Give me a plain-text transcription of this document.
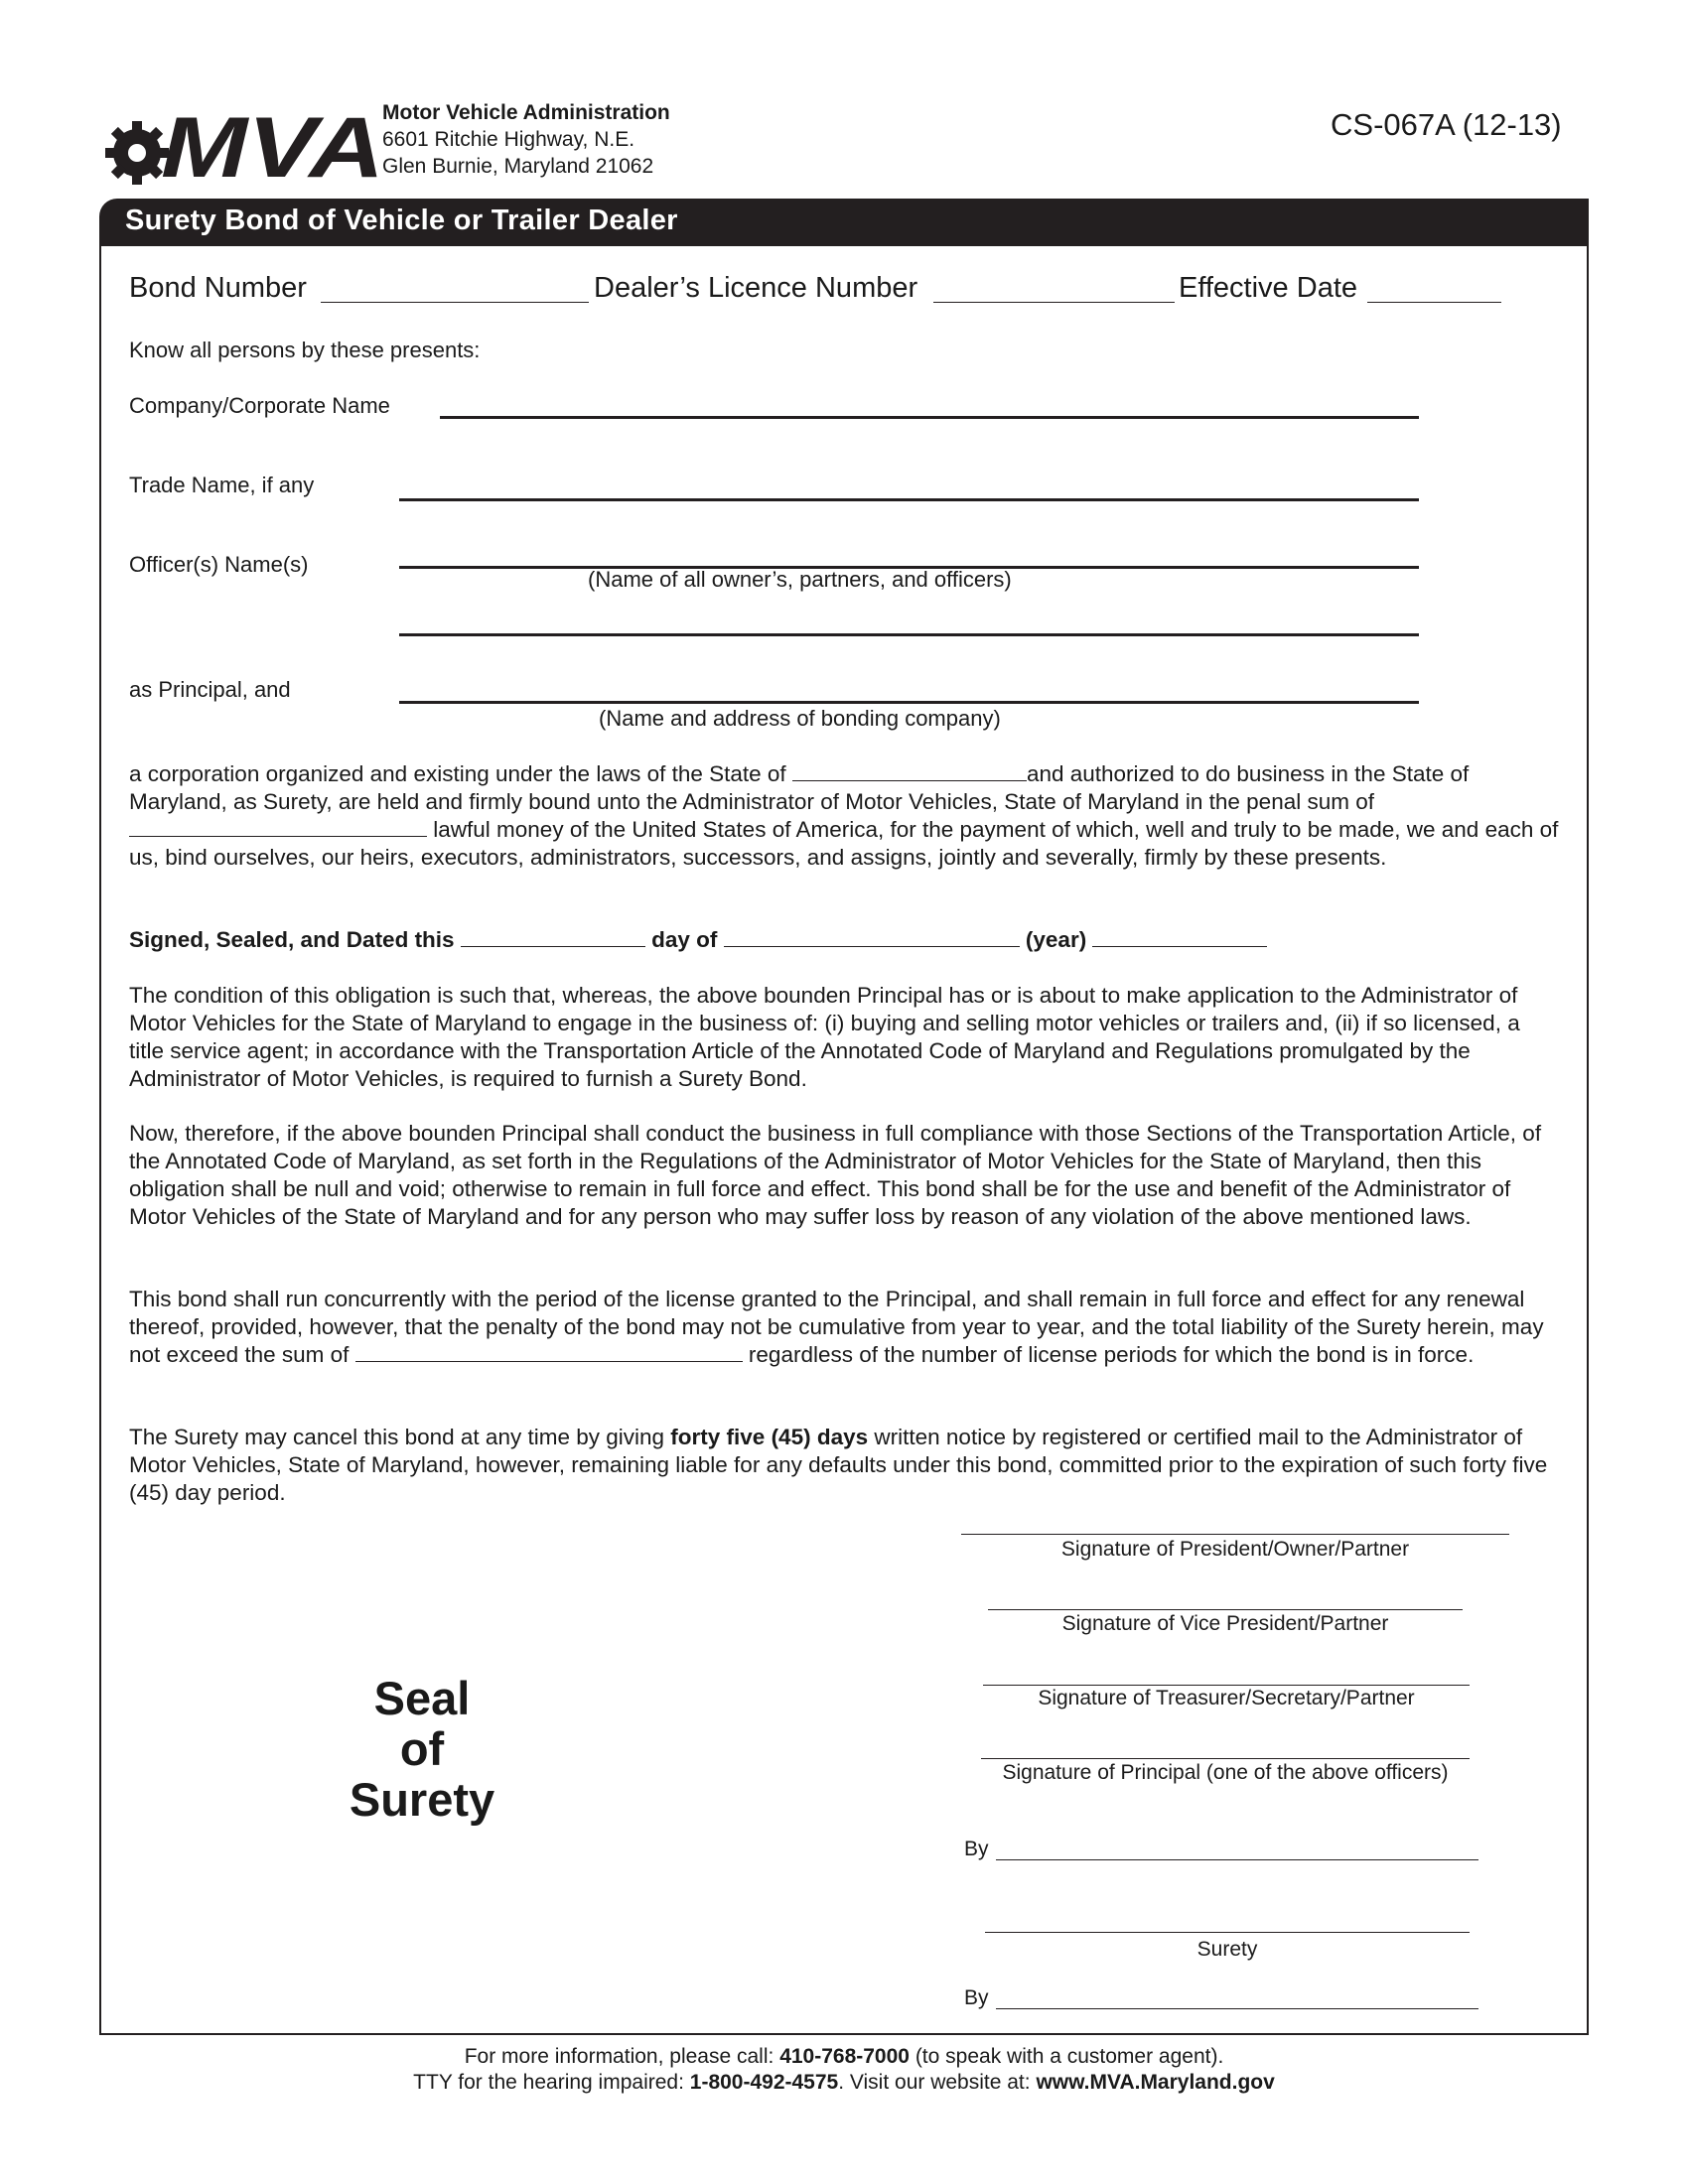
MVA
Motor Vehicle Administration
6601 Ritchie Highway, N.E.
Glen Burnie, Maryland 21062
CS-067A (12-13)
Surety Bond of Vehicle or Trailer Dealer
Bond Number	Dealer’s Licence Number	Effective Date
Know all persons by these presents:
Company/Corporate Name
Trade Name, if any
Officer(s) Name(s)
(Name of all owner’s, partners, and officers)
as Principal, and
(Name and address of bonding company)

a corporation organized and existing under the laws of the State of	and authorized to do business in the State of Maryland, as Surety, are held and firmly bound unto the Administrator of Motor Vehicles, State of Maryland in the penal sum of  lawful money of the United States of America, for the payment of which, well and truly to be made, we and each of us, bind ourselves, our heirs, executors, administrators, successors, and assigns, jointly and severally, firmly by these presents.

Signed, Sealed, and Dated this	day of	(year)

The condition of this obligation is such that, whereas, the above bounden Principal has or is about to make application to the Administrator of Motor Vehicles for the State of Maryland to engage in the business of: (i) buying and selling motor vehicles or trailers and, (ii) if so licensed, a title service agent; in accordance with the Transportation Article of the Annotated Code of Maryland and Regulations promulgated by the Administrator of Motor Vehicles, is required to furnish a Surety Bond.

Now, therefore, if the above bounden Principal shall conduct the business in full compliance with those Sections of the Transportation Article, of the Annotated Code of Maryland, as set forth in the Regulations of the Administrator of Motor Vehicles for the State of Maryland, then this obligation shall be null and void; otherwise to remain in full force and effect. This bond shall be for the use and benefit of the Administrator of Motor Vehicles of the State of Maryland and for any person who may suffer loss by reason of any violation of the above mentioned laws.

This bond shall run concurrently with the period of the license granted to the Principal, and shall remain in full force and effect for any renewal thereof, provided, however, that the penalty of the bond may not be cumulative from year to year, and the total liability of the Surety herein, may not exceed the sum of	regardless of the number of license periods for which the bond is in force.

The Surety may cancel this bond at any time by giving forty five (45) days written notice by registered or certified mail to the Administrator of Motor Vehicles, State of Maryland, however, remaining liable for any defaults under this bond, committed prior to the expiration of such forty five (45) day period.

Seal
of
Surety
Signature of President/Owner/Partner
Signature of Vice President/Partner
Signature of Treasurer/Secretary/Partner
Signature of Principal (one of the above officers)
By
Surety
By
For more information, please call: 410-768-7000 (to speak with a customer agent).
TTY for the hearing impaired: 1-800-492-4575. Visit our website at: www.MVA.Maryland.gov
